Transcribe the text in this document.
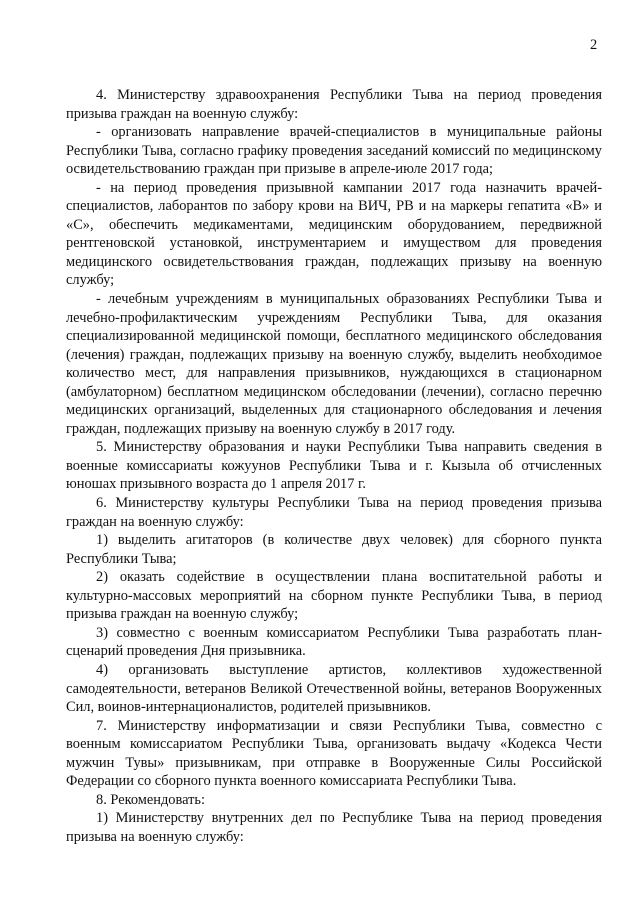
2

4. Министерству здравоохранения Республики Тыва на период проведения призыва граждан на военную службу:

- организовать направление врачей-специалистов в муниципальные районы Республики Тыва, согласно графику проведения заседаний комиссий по медицинскому освидетельствованию граждан при призыве в апреле-июле 2017 года;

- на период проведения призывной кампании 2017 года назначить врачей-специалистов, лаборантов по забору крови на ВИЧ, РВ и на маркеры гепатита «В» и «С», обеспечить медикаментами, медицинским оборудованием, передвижной рентгеновской установкой, инструментарием и имуществом для проведения медицинского освидетельствования граждан, подлежащих призыву на военную службу;

- лечебным учреждениям в муниципальных образованиях Республики Тыва и лечебно-профилактическим учреждениям Республики Тыва, для оказания специализированной медицинской помощи, бесплатного медицинского обследования (лечения) граждан, подлежащих призыву на военную службу, выделить необходимое количество мест, для направления призывников, нуждающихся в стационарном (амбулаторном) бесплатном медицинском обследовании (лечении), согласно перечню медицинских организаций, выделенных для стационарного обследования и лечения граждан, подлежащих призыву на военную службу в 2017 году.

5. Министерству образования и науки Республики Тыва направить сведения в военные комиссариаты кожуунов Республики Тыва и г. Кызыла об отчисленных юношах призывного возраста до 1 апреля 2017 г.

6. Министерству культуры Республики Тыва на период проведения призыва граждан на военную службу:

1) выделить агитаторов (в количестве двух человек) для сборного пункта Республики Тыва;

2) оказать содействие в осуществлении плана воспитательной работы и культурно-массовых мероприятий на сборном пункте Республики Тыва, в период призыва граждан на военную службу;

3) совместно с военным комиссариатом Республики Тыва разработать план-сценарий проведения Дня призывника.

4) организовать выступление артистов, коллективов художественной самодеятельности, ветеранов Великой Отечественной войны, ветеранов Вооруженных Сил, воинов-интернационалистов, родителей призывников.

7. Министерству информатизации и связи Республики Тыва, совместно с военным комиссариатом Республики Тыва, организовать выдачу «Кодекса Чести мужчин Тувы» призывникам, при отправке в Вооруженные Силы Российской Федерации со сборного пункта военного комиссариата Республики Тыва.

8. Рекомендовать:

1) Министерству внутренних дел по Республике Тыва на период проведения призыва на военную службу:
